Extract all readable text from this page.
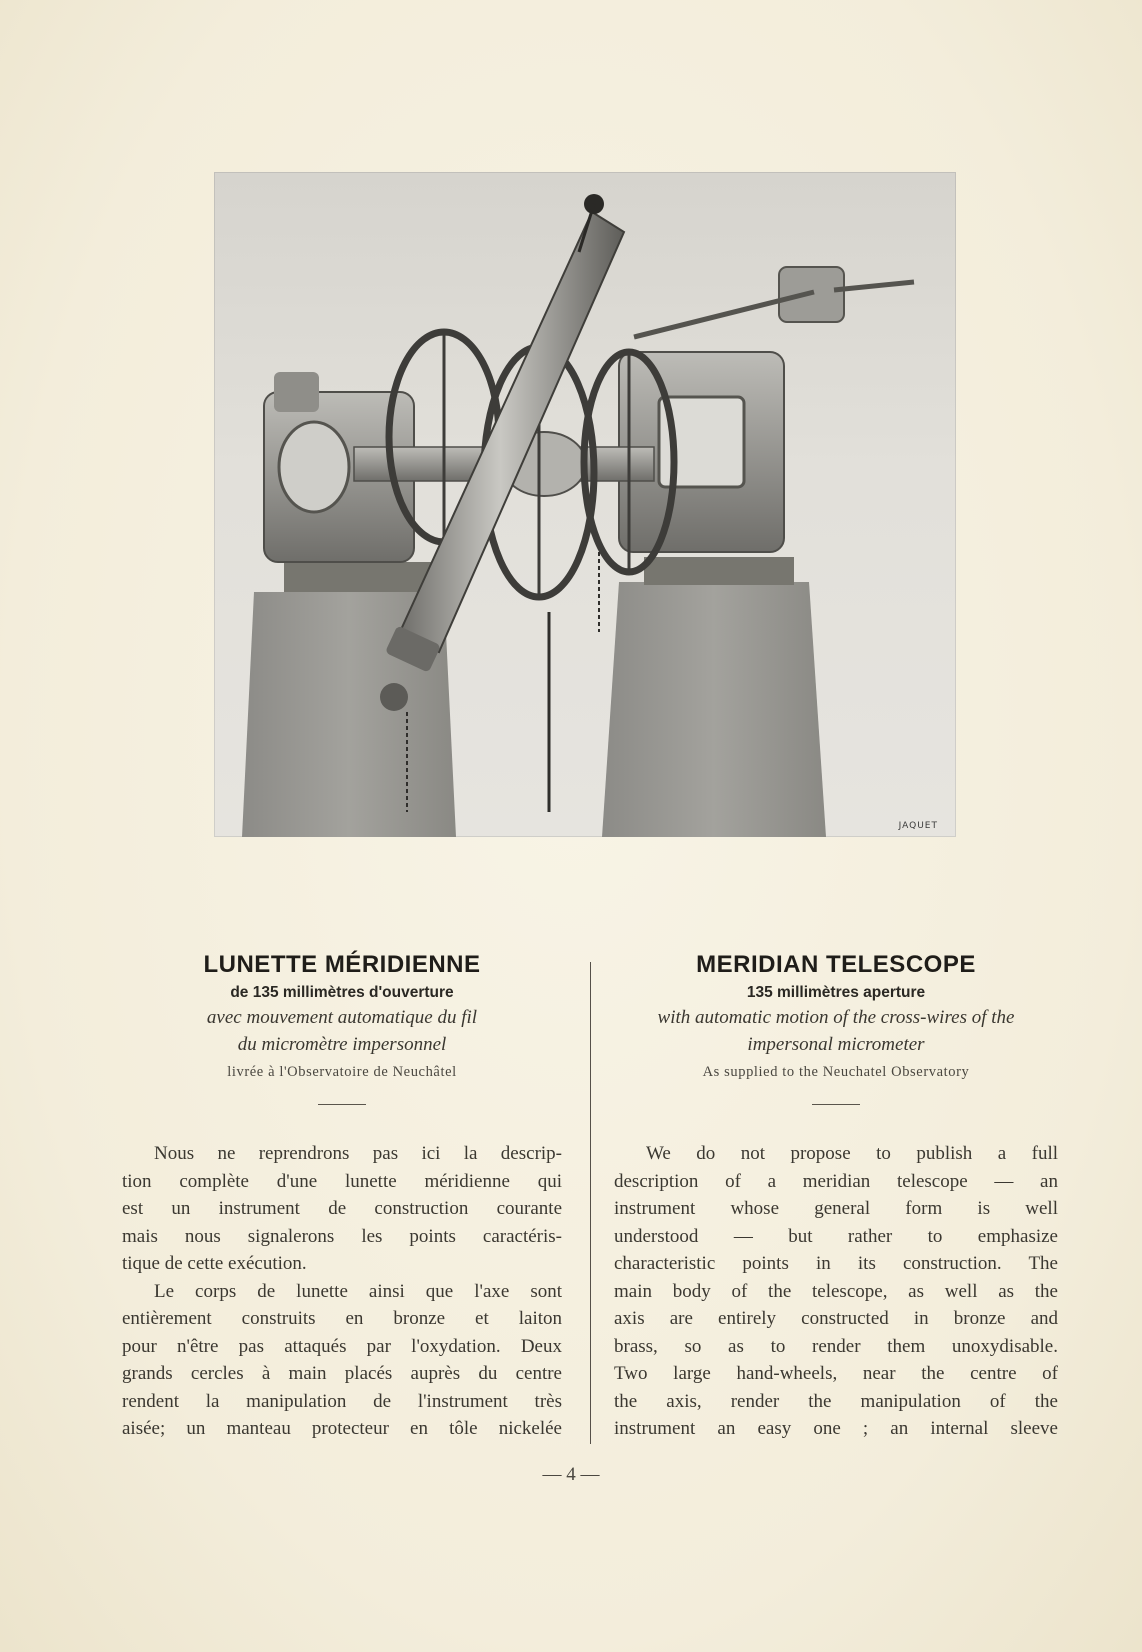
JAQUET
LUNETTE MÉRIDIENNE
de 135 millimètres d'ouverture
avec mouvement automatique du fil
du micromètre impersonnel
livrée à l'Observatoire de Neuchâtel
Nous ne reprendrons pas ici la descrip-
tion complète d'une lunette méridienne qui
est un instrument de construction courante
mais nous signalerons les points caractéris-
tique de cette exécution.
Le corps de lunette ainsi que l'axe sont
entièrement construits en bronze et laiton
pour n'être pas attaqués par l'oxydation. Deux
grands cercles à main placés auprès du centre
rendent la manipulation de l'instrument très
aisée; un manteau protecteur en tôle nickelée
MERIDIAN TELESCOPE
135 millimètres aperture
with automatic motion of the cross-wires of the
impersonal micrometer
As supplied to the Neuchatel Observatory
We do not propose to publish a full
description of a meridian telescope — an
instrument whose general form is well
understood — but rather to emphasize
characteristic points in its construction. The
main body of the telescope, as well as the
axis are entirely constructed in bronze and
brass, so as to render them unoxydisable.
Two large hand-wheels, near the centre of
the axis, render the manipulation of the
instrument an easy one ; an internal sleeve
— 4 —
